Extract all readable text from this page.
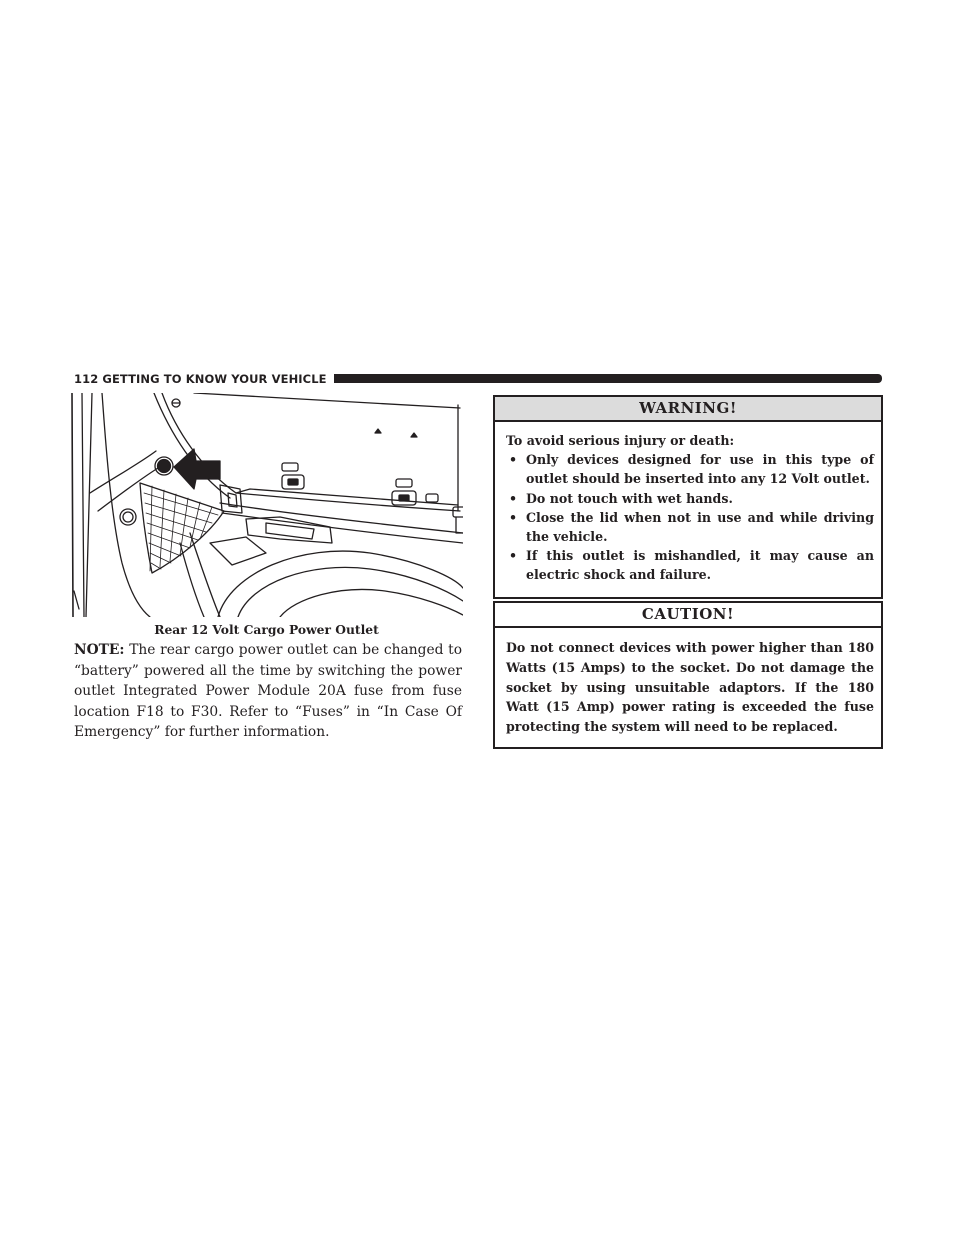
112 GETTING TO KNOW YOUR VEHICLE
Rear 12 Volt Cargo Power Outlet
NOTE: The rear cargo power outlet can be changed to “battery” powered all the time by switching the power outlet Integrated Power Module 20A fuse from fuse location F18 to F30. Refer to “Fuses” in “In Case Of Emergency” for further information.
WARNING!

To avoid serious injury or death:

• Only devices designed for use in this type of outlet should be inserted into any 12 Volt outlet.
• Do not touch with wet hands.
• Close the lid when not in use and while driving the vehicle.
• If this outlet is mishandled, it may cause an electric shock and failure.
CAUTION!

Do not connect devices with power higher than 180 Watts (15 Amps) to the socket. Do not damage the socket by using unsuitable adaptors. If the 180 Watt (15 Amp) power rating is exceeded the fuse protecting the system will need to be replaced.
